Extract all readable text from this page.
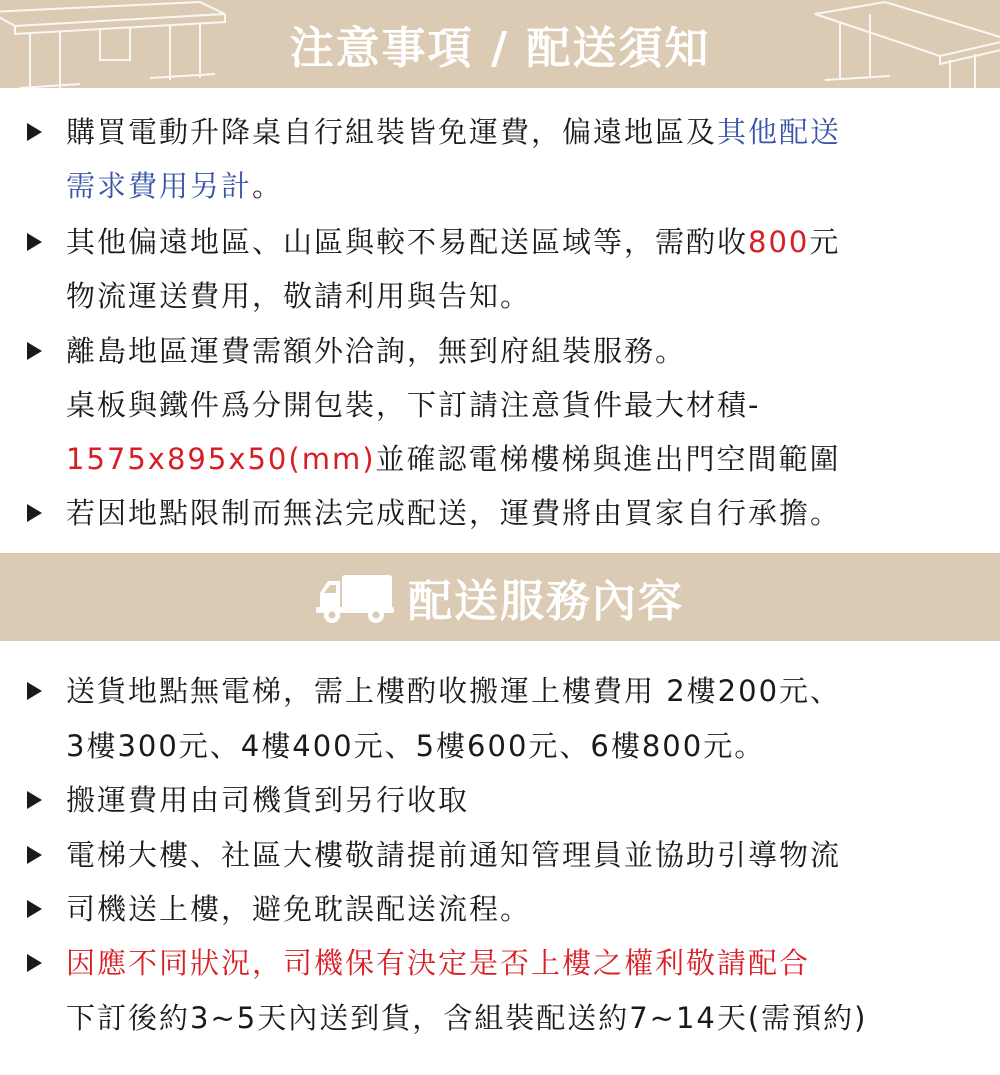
注意事項 / 配送須知
購買電動升降桌自行組裝皆免運費，偏遠地區及其他配送
需求費用另計。
其他偏遠地區、山區與較不易配送區域等，需酌收800元
物流運送費用，敬請利用與告知。
離島地區運費需額外洽詢，無到府組裝服務。
桌板與鐵件爲分開包裝，下訂請注意貨件最大材積-
1575x895x50(mm)並確認電梯樓梯與進出門空間範圍
若因地點限制而無法完成配送，運費將由買家自行承擔。
配送服務內容
送貨地點無電梯，需上樓酌收搬運上樓費用 2樓200元、
3樓300元、4樓400元、5樓600元、6樓800元。
搬運費用由司機貨到另行收取
電梯大樓、社區大樓敬請提前通知管理員並協助引導物流
司機送上樓，避免耽誤配送流程。
因應不同狀況，司機保有決定是否上樓之權利敬請配合
下訂後約3~5天內送到貨，含組裝配送約7~14天(需預約)
